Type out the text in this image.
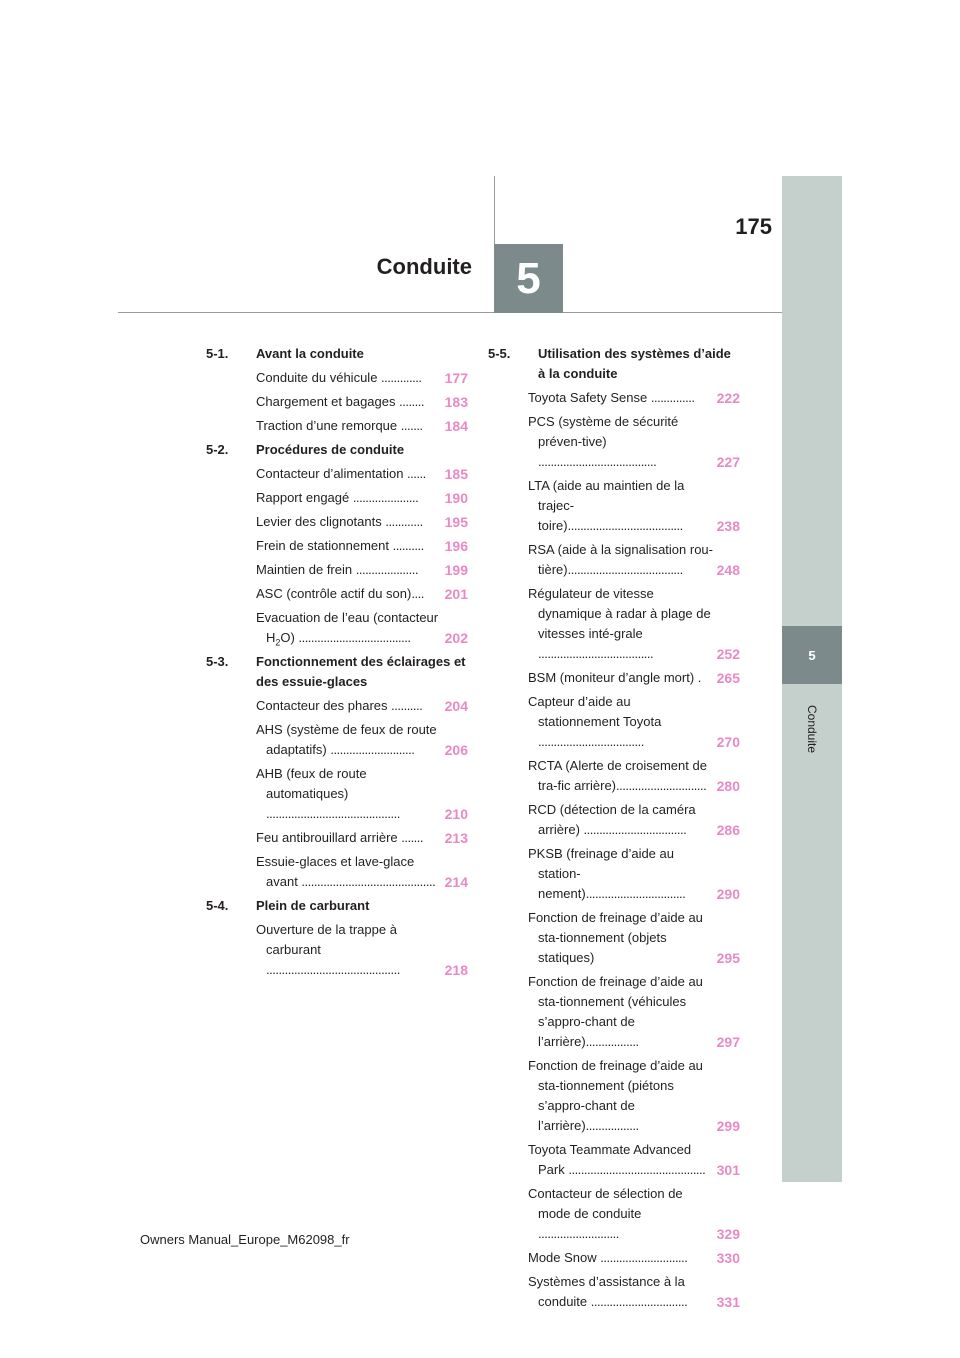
Conduite 5
175
5
Conduite
5-1.	Avant la conduite
Conduite du véhicule .............	177
Chargement et bagages ........	183
Traction d’une remorque .......	184
5-2.	Procédures de conduite
Contacteur d’alimentation ......	185
Rapport engagé .....................	190
Levier des clignotants ............	195
Frein de stationnement ..........	196
Maintien de frein ....................	199
ASC (contrôle actif du son)....	201
Evacuation de l’eau (contacteur $H_2O$) ....................................	202
5-3.	Fonctionnement des éclairages et des essuie-glaces
Contacteur des phares ..........	204
AHS (système de feux de route adaptatifs) ...........................	206
AHB (feux de route automatiques) ...........................................	210
Feu antibrouillard arrière .......	213
Essuie-glaces et lave-glace avant ........................................... 214
5-4.	Plein de carburant
Ouverture de la trappe à carburant ...........................................	218
5-5.	Utilisation des systèmes d’aide à la conduite
Toyota Safety Sense ..............	222
PCS (système de sécurité préven-tive) ......................................	227
LTA (aide au maintien de la trajec-toire).....................................	238
RSA (aide à la signalisation rou-tière).....................................	248
Régulateur de vitesse dynamique à radar à plage de vitesses inté-grale .....................................	252
BSM (moniteur d’angle mort) .	265
Capteur d’aide au stationnement Toyota ..................................	270
RCTA (Alerte de croisement de tra-fic arrière)............................. 280
RCD (détection de la caméra arrière) .................................	286
PKSB (freinage d’aide au station-nement)................................	290
Fonction de freinage d’aide au sta-tionnement (objets statiques)	295
Fonction de freinage d’aide au sta-tionnement (véhicules s’appro-chant de l’arrière).................	297
Fonction de freinage d’aide au sta-tionnement (piétons s’appro-chant de l’arrière).................	299
Toyota Teammate Advanced Park ............................................ 301
Contacteur de sélection de mode de conduite ..........................	329
Mode Snow ............................	330
Systèmes d’assistance à la conduite ...............................	331
Owners Manual_Europe_M62098_fr
